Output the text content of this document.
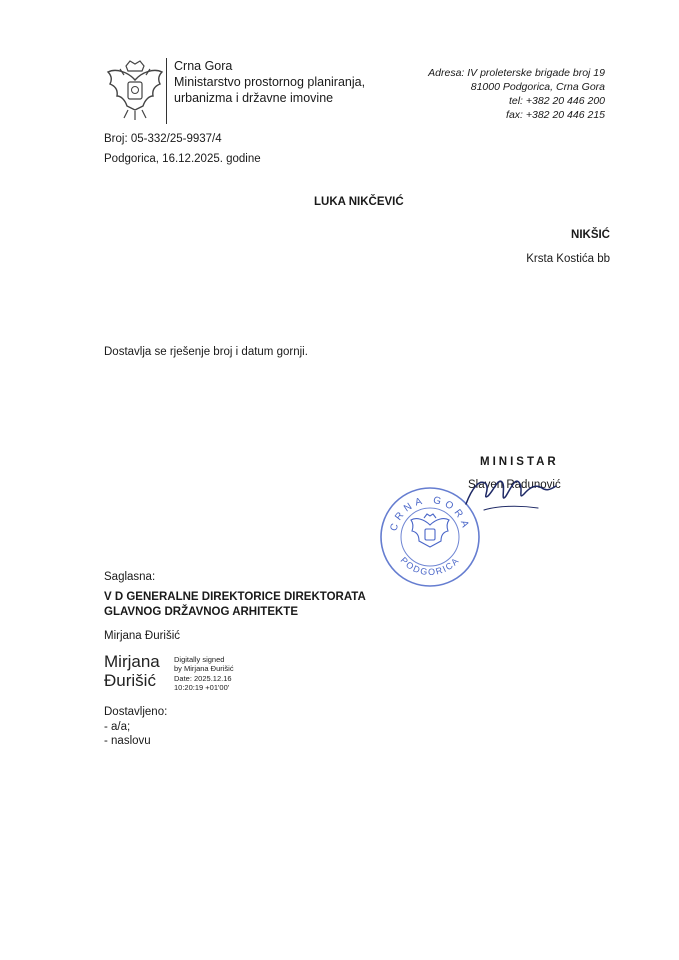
Crna Gora
Ministarstvo prostornog planiranja,
urbanizma i državne imovine
Adresa: IV proleterske brigade broj 19
81000 Podgorica, Crna Gora
tel: +382 20 446 200
fax: +382 20 446 215
Broj: 05-332/25-9937/4
Podgorica, 16.12.2025. godine
LUKA NIKČEVIĆ
NIKŠIĆ
Krsta Kostića bb
Dostavlja se rješenje broj i datum gornji.
MINISTAR
CRNA GORA
PODGORICA
Slaven Radunović
Saglasna:
V D GENERALNE DIREKTORICE DIREKTORATA
GLAVNOG DRŽAVNOG ARHITEKTE
Mirjana Đurišić
Mirjana
Đurišić
Digitally signed
by Mirjana Đurišić
Date: 2025.12.16
10:20:19 +01'00'
Dostavljeno:
- a/a;
- naslovu
